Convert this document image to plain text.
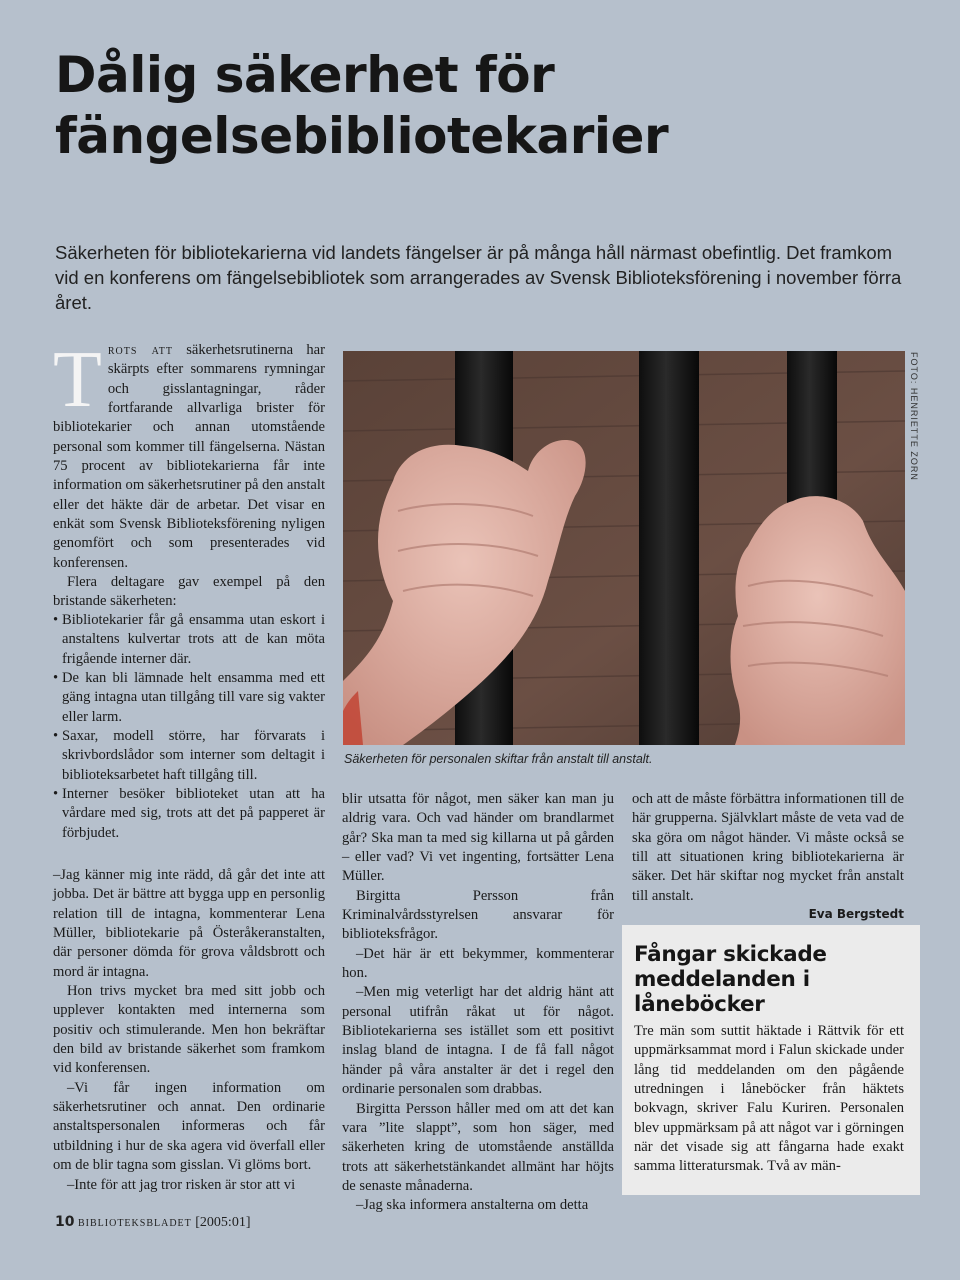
Dålig säkerhet för
fängelsebibliotekarier
Säkerheten för bibliotekarierna vid landets fängelser är på många håll närmast obefintlig. Det framkom vid en konferens om fängelsebibliotek som arrangerades av Svensk Biblioteksförening i november förra året.
T rots att säkerhetsrutinerna har skärpts efter sommarens rymningar och gisslantagningar, råder fortfarande allvarliga brister för bibliotekarier och annan utomstående personal som kommer till fängelserna. Nästan 75 procent av bibliotekarierna får inte information om säkerhetsrutiner på den anstalt eller det häkte där de arbetar. Det visar en enkät som Svensk Biblioteksförening nyligen genomfört och som presenterades vid konferensen.

Flera deltagare gav exempel på den bristande säkerheten:

• Bibliotekarier får gå ensamma utan eskort i anstaltens kulvertar trots att de kan möta frigående interner där.
• De kan bli lämnade helt ensamma med ett gäng intagna utan tillgång till vare sig vakter eller larm.
• Saxar, modell större, har förvarats i skrivbordslådor som interner som deltagit i biblioteksarbetet haft tillgång till.
• Interner besöker biblioteket utan att ha vårdare med sig, trots att det på papperet är förbjudet.

–Jag känner mig inte rädd, då går det inte att jobba. Det är bättre att bygga upp en personlig relation till de intagna, kommenterar Lena Müller, bibliotekarie på Österåkeranstalten, där personer dömda för grova våldsbrott och mord är intagna.

Hon trivs mycket bra med sitt jobb och upplever kontakten med internerna som positiv och stimulerande. Men hon bekräftar den bild av bristande säkerhet som framkom vid konferensen.

–Vi får ingen information om säkerhetsrutiner och annat. Den ordinarie anstaltspersonalen informeras och får utbildning i hur de ska agera vid överfall eller om de blir tagna som gisslan. Vi glöms bort.

–Inte för att jag tror risken är stor att vi

FOTO: HENRIETTE ZORN
Säkerheten för personalen skiftar från anstalt till anstalt.

blir utsatta för något, men säker kan man ju aldrig vara. Och vad händer om brandlarmet går? Ska man ta med sig killarna ut på gården – eller vad? Vi vet ingenting, fortsätter Lena Müller.

Birgitta Persson från Kriminalvårdsstyrelsen ansvarar för biblioteksfrågor.

–Det här är ett bekymmer, kommenterar hon.

–Men mig veterligt har det aldrig hänt att personal utifrån råkat ut för något. Bibliotekarierna ses istället som ett positivt inslag bland de intagna. I de få fall något händer på våra anstalter är det i regel den ordinarie personalen som drabbas.

Birgitta Persson håller med om att det kan vara ”lite slappt”, som hon säger, med säkerheten kring de utomstående anställda trots att säkerhetstänkandet allmänt har höjts de senaste månaderna.

–Jag ska informera anstalterna om detta

och att de måste förbättra informationen till de här grupperna. Självklart måste de veta vad de ska göra om något händer. Vi måste också se till att situationen kring bibliotekarierna är säker. Det här skiftar nog mycket från anstalt till anstalt.

Eva Bergstedt
Fångar skickade
meddelanden i låneböcker

Tre män som suttit häktade i Rättvik för ett uppmärksammat mord i Falun skickade under lång tid meddelanden om den pågående utredningen i låneböcker från häktets bokvagn, skriver Falu Kuriren. Personalen blev uppmärksam på att något var i görningen när det visade sig att fångarna hade exakt samma litteratursmak. Två av män-

10 biblioteksbladet [2005:01]
